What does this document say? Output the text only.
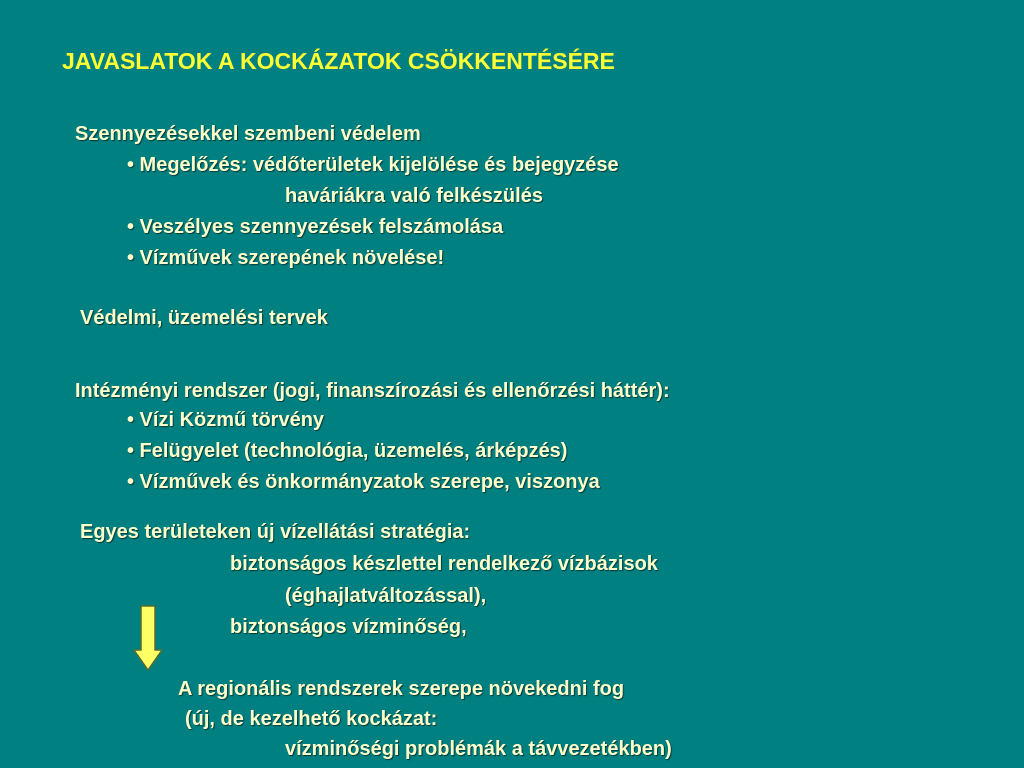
JAVASLATOK A KOCKÁZATOK CSÖKKENTÉSÉRE
Szennyezésekkel szembeni védelem
• Megelőzés: védőterületek kijelölése és bejegyzése
haváriákra való felkészülés
• Veszélyes szennyezések felszámolása
• Vízművek szerepének növelése!
Védelmi, üzemelési tervek
Intézményi rendszer (jogi, finanszírozási és ellenőrzési háttér):
• Vízi Közmű törvény
• Felügyelet (technológia, üzemelés, árképzés)
• Vízművek és önkormányzatok szerepe, viszonya
Egyes területeken új vízellátási stratégia:
biztonságos készlettel rendelkező vízbázisok
(éghajlatváltozással),
biztonságos vízminőség,
A regionális rendszerek szerepe növekedni fog
(új, de kezelhető kockázat:
vízminőségi problémák a távvezetékben)
